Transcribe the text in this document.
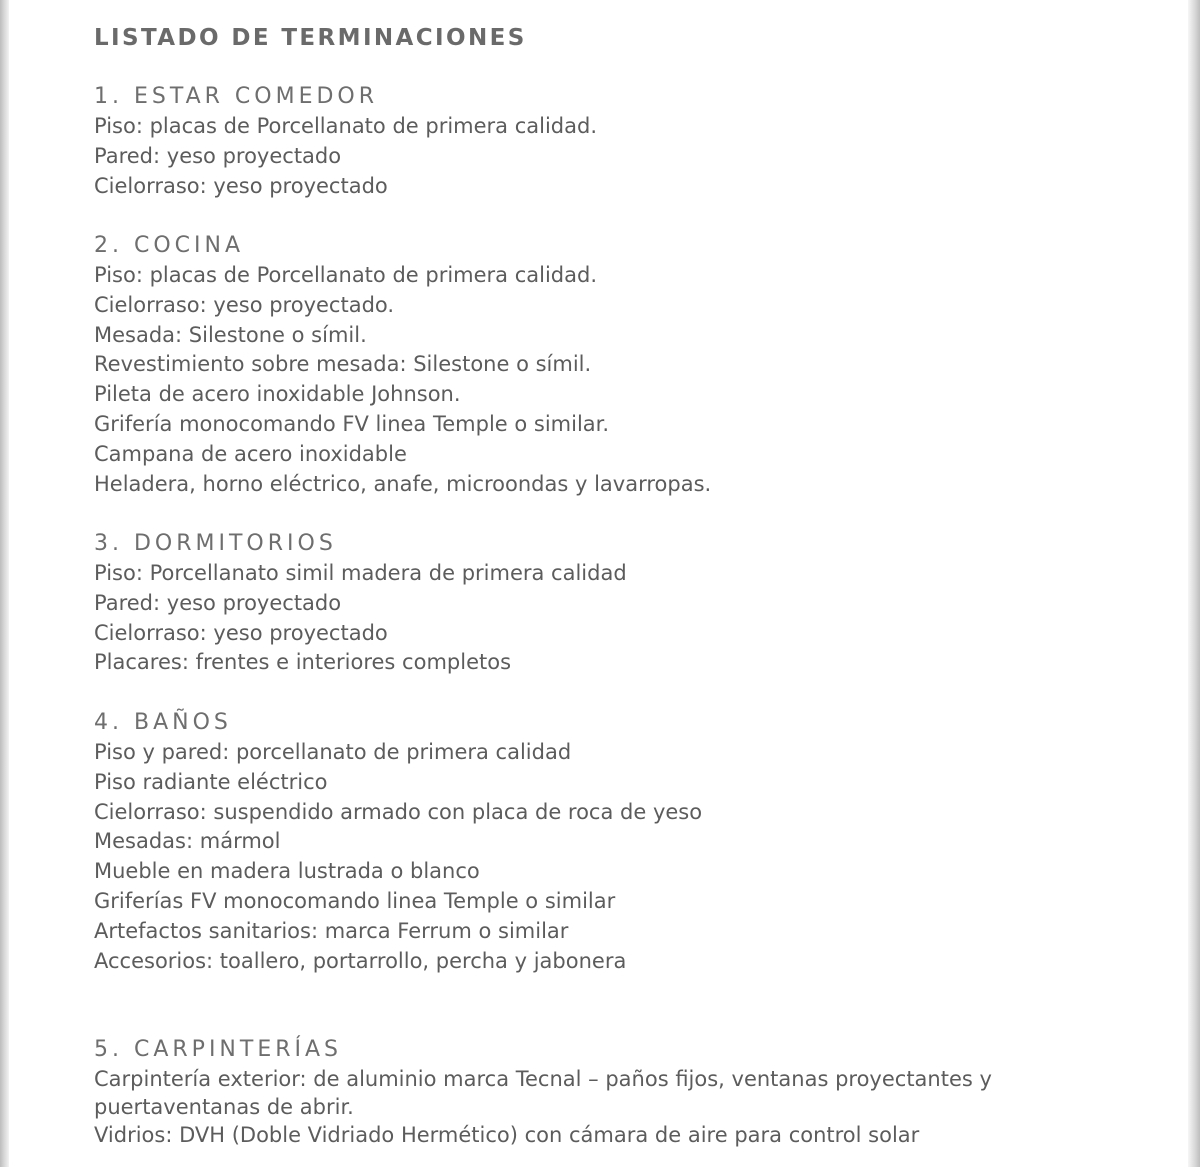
LISTADO DE TERMINACIONES
1. ESTAR COMEDOR

Piso: placas de Porcellanato de primera calidad.

Pared: yeso proyectado

Cielorraso: yeso proyectado

2. COCINA

Piso: placas de Porcellanato de primera calidad.

Cielorraso: yeso proyectado.

Mesada: Silestone o símil.

Revestimiento sobre mesada: Silestone o símil.

Pileta de acero inoxidable Johnson.

Grifería monocomando FV linea Temple o similar.

Campana de acero inoxidable

Heladera, horno eléctrico, anafe, microondas y lavarropas.

3. DORMITORIOS

Piso: Porcellanato simil madera de primera calidad

Pared: yeso proyectado

Cielorraso: yeso proyectado

Placares: frentes e interiores completos

4. BAÑOS

Piso y pared: porcellanato de primera calidad

Piso radiante eléctrico

Cielorraso: suspendido armado con placa de roca de yeso

Mesadas: mármol

Mueble en madera lustrada o blanco

Griferías FV monocomando linea Temple o similar

Artefactos sanitarios: marca Ferrum o similar

Accesorios: toallero, portarrollo, percha y jabonera

5. CARPINTERÍAS

Carpintería exterior: de aluminio marca Tecnal – paños fijos, ventanas proyectantes y puertaventanas de abrir.

Vidrios: DVH (Doble Vidriado Hermético) con cámara de aire para control solar
